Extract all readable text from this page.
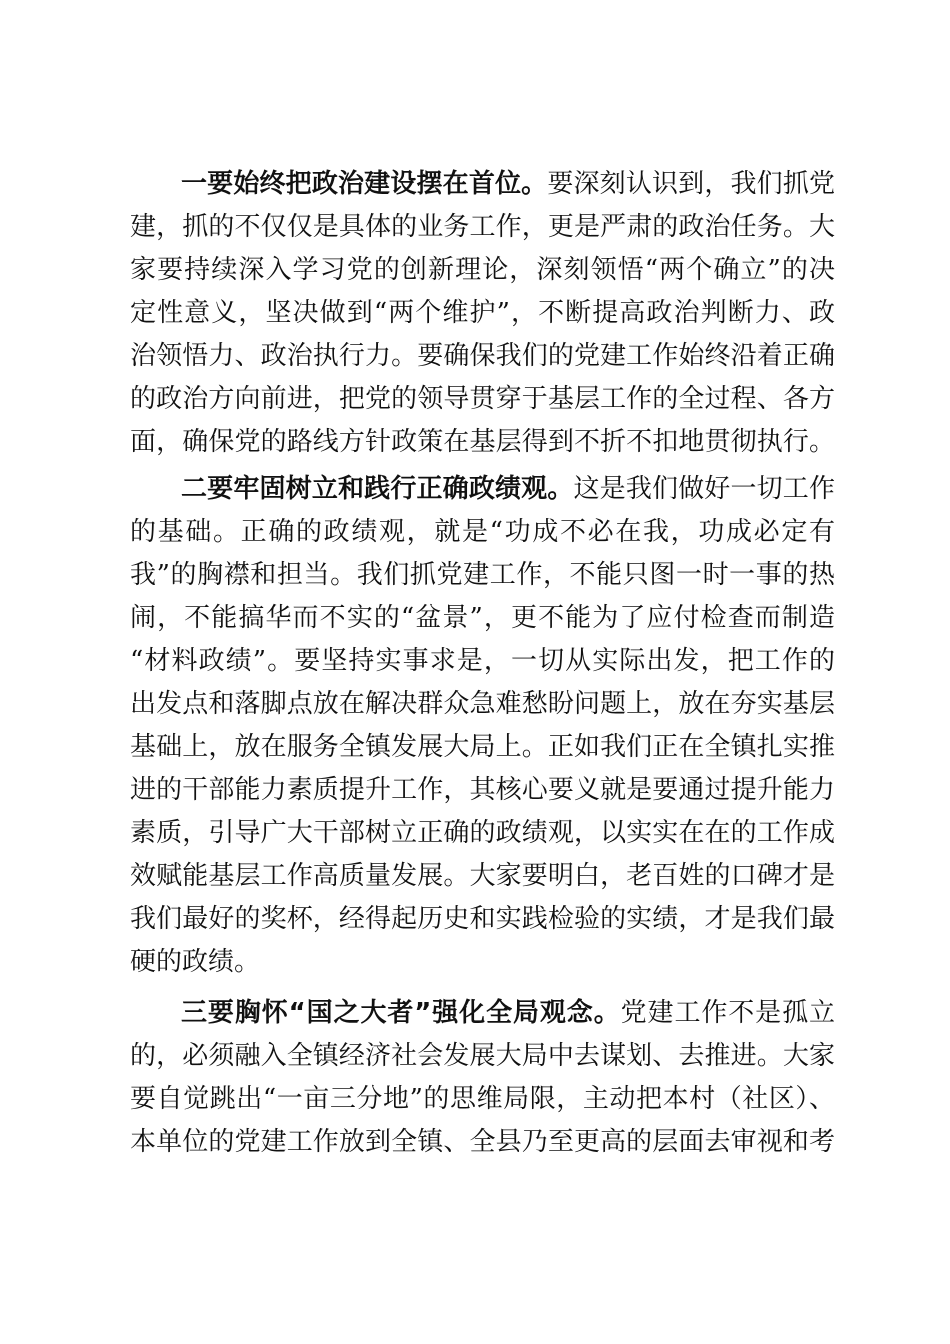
一要始终把政治建设摆在首位。要深刻认识到，我们抓党
建，抓的不仅仅是具体的业务工作，更是严肃的政治任务。大
家要持续深入学习党的创新理论，深刻领悟“两个确立”的决
定性意义，坚决做到“两个维护”，不断提高政治判断力、政
治领悟力、政治执行力。要确保我们的党建工作始终沿着正确
的政治方向前进，把党的领导贯穿于基层工作的全过程、各方
面，确保党的路线方针政策在基层得到不折不扣地贯彻执行。
二要牢固树立和践行正确政绩观。这是我们做好一切工作
的基础。正确的政绩观，就是“功成不必在我，功成必定有
我”的胸襟和担当。我们抓党建工作，不能只图一时一事的热
闹，不能搞华而不实的“盆景”，更不能为了应付检查而制造
“材料政绩”。要坚持实事求是，一切从实际出发，把工作的
出发点和落脚点放在解决群众急难愁盼问题上，放在夯实基层
基础上，放在服务全镇发展大局上。正如我们正在全镇扎实推
进的干部能力素质提升工作，其核心要义就是要通过提升能力
素质，引导广大干部树立正确的政绩观，以实实在在的工作成
效赋能基层工作高质量发展。大家要明白，老百姓的口碑才是
我们最好的奖杯，经得起历史和实践检验的实绩，才是我们最
硬的政绩。
三要胸怀“国之大者”强化全局观念。党建工作不是孤立
的，必须融入全镇经济社会发展大局中去谋划、去推进。大家
要自觉跳出“一亩三分地”的思维局限，主动把本村（社区）、
本单位的党建工作放到全镇、全县乃至更高的层面去审视和考
